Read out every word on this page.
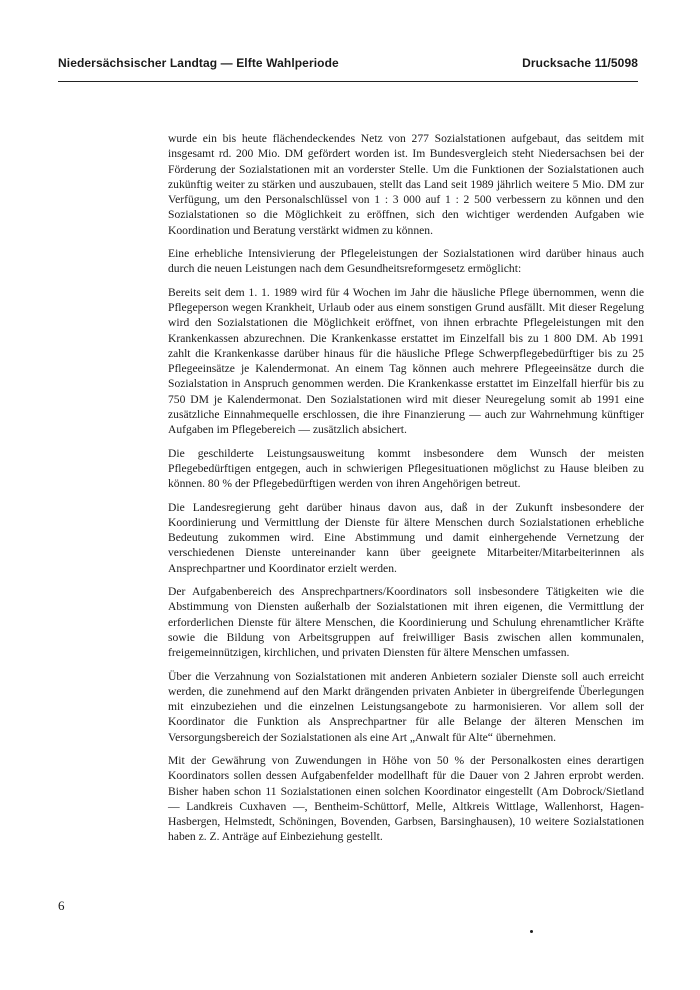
Niedersächsischer Landtag — Elfte Wahlperiode	Drucksache 11/5098

wurde ein bis heute flächendeckendes Netz von 277 Sozialstationen aufgebaut, das seitdem mit insgesamt rd. 200 Mio. DM gefördert worden ist. Im Bundesvergleich steht Niedersachsen bei der Förderung der Sozialstationen mit an vorderster Stelle. Um die Funktionen der Sozialstationen auch zukünftig weiter zu stärken und auszubauen, stellt das Land seit 1989 jährlich weitere 5 Mio. DM zur Verfügung, um den Personalschlüssel von 1 : 3 000 auf 1 : 2 500 verbessern zu können und den Sozialstationen so die Möglichkeit zu eröffnen, sich den wichtiger werdenden Aufgaben wie Koordination und Beratung verstärkt widmen zu können.

Eine erhebliche Intensivierung der Pflegeleistungen der Sozialstationen wird darüber hinaus auch durch die neuen Leistungen nach dem Gesundheitsreformgesetz ermöglicht:

Bereits seit dem 1. 1. 1989 wird für 4 Wochen im Jahr die häusliche Pflege übernommen, wenn die Pflegeperson wegen Krankheit, Urlaub oder aus einem sonstigen Grund ausfällt. Mit dieser Regelung wird den Sozialstationen die Möglichkeit eröffnet, von ihnen erbrachte Pflegeleistungen mit den Krankenkassen abzurechnen. Die Krankenkasse erstattet im Einzelfall bis zu 1 800 DM. Ab 1991 zahlt die Krankenkasse darüber hinaus für die häusliche Pflege Schwerpflegebedürftiger bis zu 25 Pflegeeinsätze je Kalendermonat. An einem Tag können auch mehrere Pflegeeinsätze durch die Sozialstation in Anspruch genommen werden. Die Krankenkasse erstattet im Einzelfall hierfür bis zu 750 DM je Kalendermonat. Den Sozialstationen wird mit dieser Neuregelung somit ab 1991 eine zusätzliche Einnahmequelle erschlossen, die ihre Finanzierung — auch zur Wahrnehmung künftiger Aufgaben im Pflegebereich — zusätzlich absichert.

Die geschilderte Leistungsausweitung kommt insbesondere dem Wunsch der meisten Pflegebedürftigen entgegen, auch in schwierigen Pflegesituationen möglichst zu Hause bleiben zu können. 80 % der Pflegebedürftigen werden von ihren Angehörigen betreut.

Die Landesregierung geht darüber hinaus davon aus, daß in der Zukunft insbesondere der Koordinierung und Vermittlung der Dienste für ältere Menschen durch Sozialstationen erhebliche Bedeutung zukommen wird. Eine Abstimmung und damit einhergehende Vernetzung der verschiedenen Dienste untereinander kann über geeignete Mitarbeiter/Mitarbeiterinnen als Ansprechpartner und Koordinator erzielt werden.

Der Aufgabenbereich des Ansprechpartners/Koordinators soll insbesondere Tätigkeiten wie die Abstimmung von Diensten außerhalb der Sozialstationen mit ihren eigenen, die Vermittlung der erforderlichen Dienste für ältere Menschen, die Koordinierung und Schulung ehrenamtlicher Kräfte sowie die Bildung von Arbeitsgruppen auf freiwilliger Basis zwischen allen kommunalen, freigemeinnützigen, kirchlichen, und privaten Diensten für ältere Menschen umfassen.

Über die Verzahnung von Sozialstationen mit anderen Anbietern sozialer Dienste soll auch erreicht werden, die zunehmend auf den Markt drängenden privaten Anbieter in übergreifende Überlegungen mit einzubeziehen und die einzelnen Leistungsangebote zu harmonisieren. Vor allem soll der Koordinator die Funktion als Ansprechpartner für alle Belange der älteren Menschen im Versorgungsbereich der Sozialstationen als eine Art „Anwalt für Alte“ übernehmen.

Mit der Gewährung von Zuwendungen in Höhe von 50 % der Personalkosten eines derartigen Koordinators sollen dessen Aufgabenfelder modellhaft für die Dauer von 2 Jahren erprobt werden. Bisher haben schon 11 Sozialstationen einen solchen Koordinator eingestellt (Am Dobrock/Sietland — Landkreis Cuxhaven —, Bentheim-Schüttorf, Melle, Altkreis Wittlage, Wallenhorst, Hagen-Hasbergen, Helmstedt, Schöningen, Bovenden, Garbsen, Barsinghausen), 10 weitere Sozialstationen haben z. Z. Anträge auf Einbeziehung gestellt.

6
